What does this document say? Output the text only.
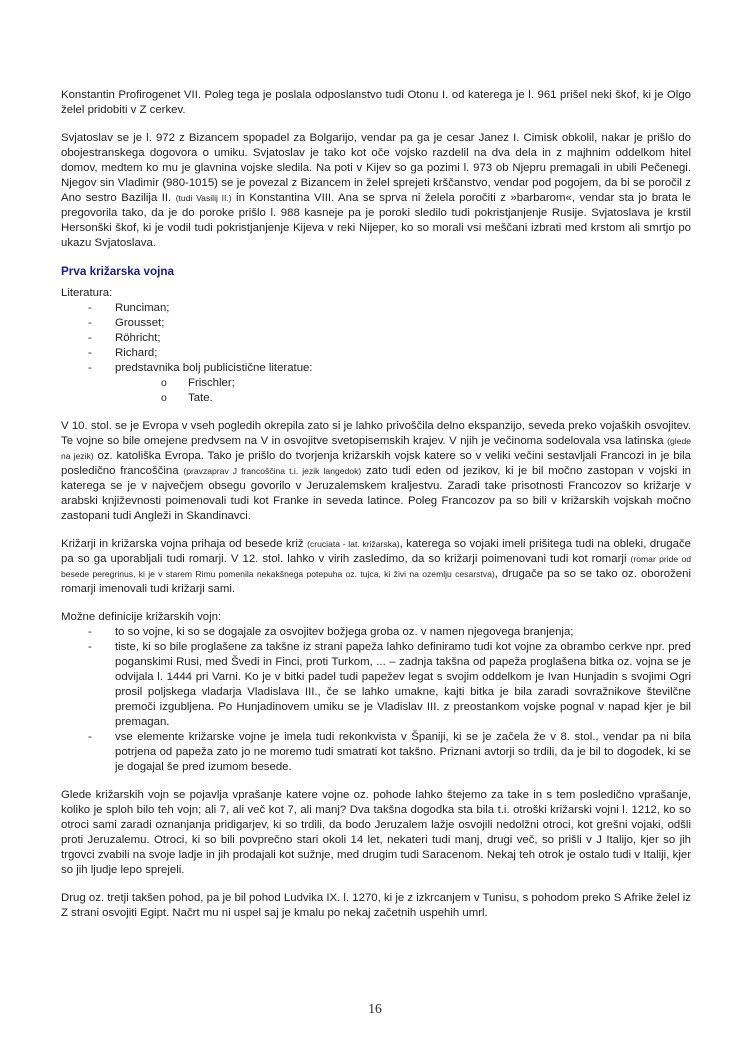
Konstantin Profirogenet VII. Poleg tega je poslala odposlanstvo tudi Otonu I. od katerega je l. 961 prišel neki škof, ki je Olgo želel pridobiti v Z cerkev.

Svjatoslav se je l. 972 z Bizancem spopadel za Bolgarijo, vendar pa ga je cesar Janez I. Cimisk obkolil, nakar je prišlo do obojestranskega dogovora o umiku. Svjatoslav je tako kot oče vojsko razdelil na dva dela in z majhnim oddelkom hitel domov, medtem ko mu je glavnina vojske sledila. Na poti v Kijev so ga pozimi l. 973 ob Njepru premagali in ubili Pečenegi. Njegov sin Vladimir (980-1015) se je povezal z Bizancem in želel sprejeti krščanstvo, vendar pod pogojem, da bi se poročil z Ano sestro Bazilija II. (tudi Vasilij II.) in Konstantina VIII. Ana se sprva ni želela poročiti z »barbarom«, vendar sta jo brata le pregovorila tako, da je do poroke prišlo l. 988 kasneje pa je poroki sledilo tudi pokristjanjenje Rusije. Svjatoslava je krstil Hersonški škof, ki je vodil tudi pokristjanjenje Kijeva v reki Nijeper, ko so morali vsi meščani izbrati med krstom ali smrtjo po ukazu Svjatoslava.

Prva križarska vojna

Literatura:

- Runciman;
- Grousset;
- Röhricht;
- Richard;
- predstavnika bolj publicistične literatue:
o Frischler;
o Tate.

V 10. stol. se je Evropa v vseh pogledih okrepila zato si je lahko privoščila delno ekspanzijo, seveda preko vojaških osvojitev. Te vojne so bile omejene predvsem na V in osvojitve svetopisemskih krajev. V njih je večinoma sodelovala vsa latinska (glede na jezik) oz. katoliška Evropa. Tako je prišlo do tvorjenja križarskih vojsk katere so v veliki večini sestavljali Francozi in je bila posledično francoščina (pravzaprav J francoščina t.i. jezik langedok) zato tudi eden od jezikov, ki je bil močno zastopan v vojski in katerega se je v največjem obsegu govorilo v Jeruzalemskem kraljestvu. Zaradi take prisotnosti Francozov so križarje v arabski književnosti poimenovali tudi kot Franke in seveda latince. Poleg Francozov pa so bili v križarskih vojskah močno zastopani tudi Angleži in Skandinavci.

Križarji in križarska vojna prihaja od besede križ (cruciata - lat. križarska), katerega so vojaki imeli prišitega tudi na obleki, drugače pa so ga uporabljali tudi romarji. V 12. stol. lahko v virih zasledimo, da so križarji poimenovani tudi kot romarji (romar pride od besede peregrinus, ki je v starem Rimu pomenila nekakšnega potepuha oz. tujca, ki živi na ozemlju cesarstva), drugače pa so se tako oz. oboroženi romarji imenovali tudi križarji sami.

Možne definicije križarskih vojn:

- to so vojne, ki so se dogajale za osvojitev božjega groba oz. v namen njegovega branjenja;
- tiste, ki so bile proglašene za takšne iz strani papeža lahko definiramo tudi kot vojne za obrambo cerkve npr. pred poganskimi Rusi, med Švedi in Finci, proti Turkom, ... – zadnja takšna od papeža proglašena bitka oz. vojna se je odvijala l. 1444 pri Varni. Ko je v bitki padel tudi papežev legat s svojim oddelkom je Ivan Hunjadin s svojimi Ogri prosil poljskega vladarja Vladislava III., če se lahko umakne, kajti bitka je bila zaradi sovražnikove številčne premoči izgubljena. Po Hunjadinovem umiku se je Vladislav III. z preostankom vojske pognal v napad kjer je bil premagan.
- vse elemente križarske vojne je imela tudi rekonkvista v Španiji, ki se je začela že v 8. stol., vendar pa ni bila potrjena od papeža zato jo ne moremo tudi smatrati kot takšno. Priznani avtorji so trdili, da je bil to dogodek, ki se je dogajal še pred izumom besede.

Glede križarskih vojn se pojavlja vprašanje katere vojne oz. pohode lahko štejemo za take in s tem posledično vprašanje, koliko je sploh bilo teh vojn; ali 7, ali več kot 7, ali manj? Dva takšna dogodka sta bila t.i. otroški križarski vojni l. 1212, ko so otroci sami zaradi oznanjanja pridigarjev, ki so trdili, da bodo Jeruzalem lažje osvojili nedolžni otroci, kot grešni vojaki, odšli proti Jeruzalemu. Otroci, ki so bili povprečno stari okoli 14 let, nekateri tudi manj, drugi več, so prišli v J Italijo, kjer so jih trgovci zvabili na svoje ladje in jih prodajali kot sužnje, med drugim tudi Saracenom. Nekaj teh otrok je ostalo tudi v Italiji, kjer so jih ljudje lepo sprejeli.

Drug oz. tretji takšen pohod, pa je bil pohod Ludvika IX. l. 1270, ki je z izkrcanjem v Tunisu, s pohodom preko S Afrike želel iz Z strani osvojiti Egipt. Načrt mu ni uspel saj je kmalu po nekaj začetnih uspehih umrl.

16
